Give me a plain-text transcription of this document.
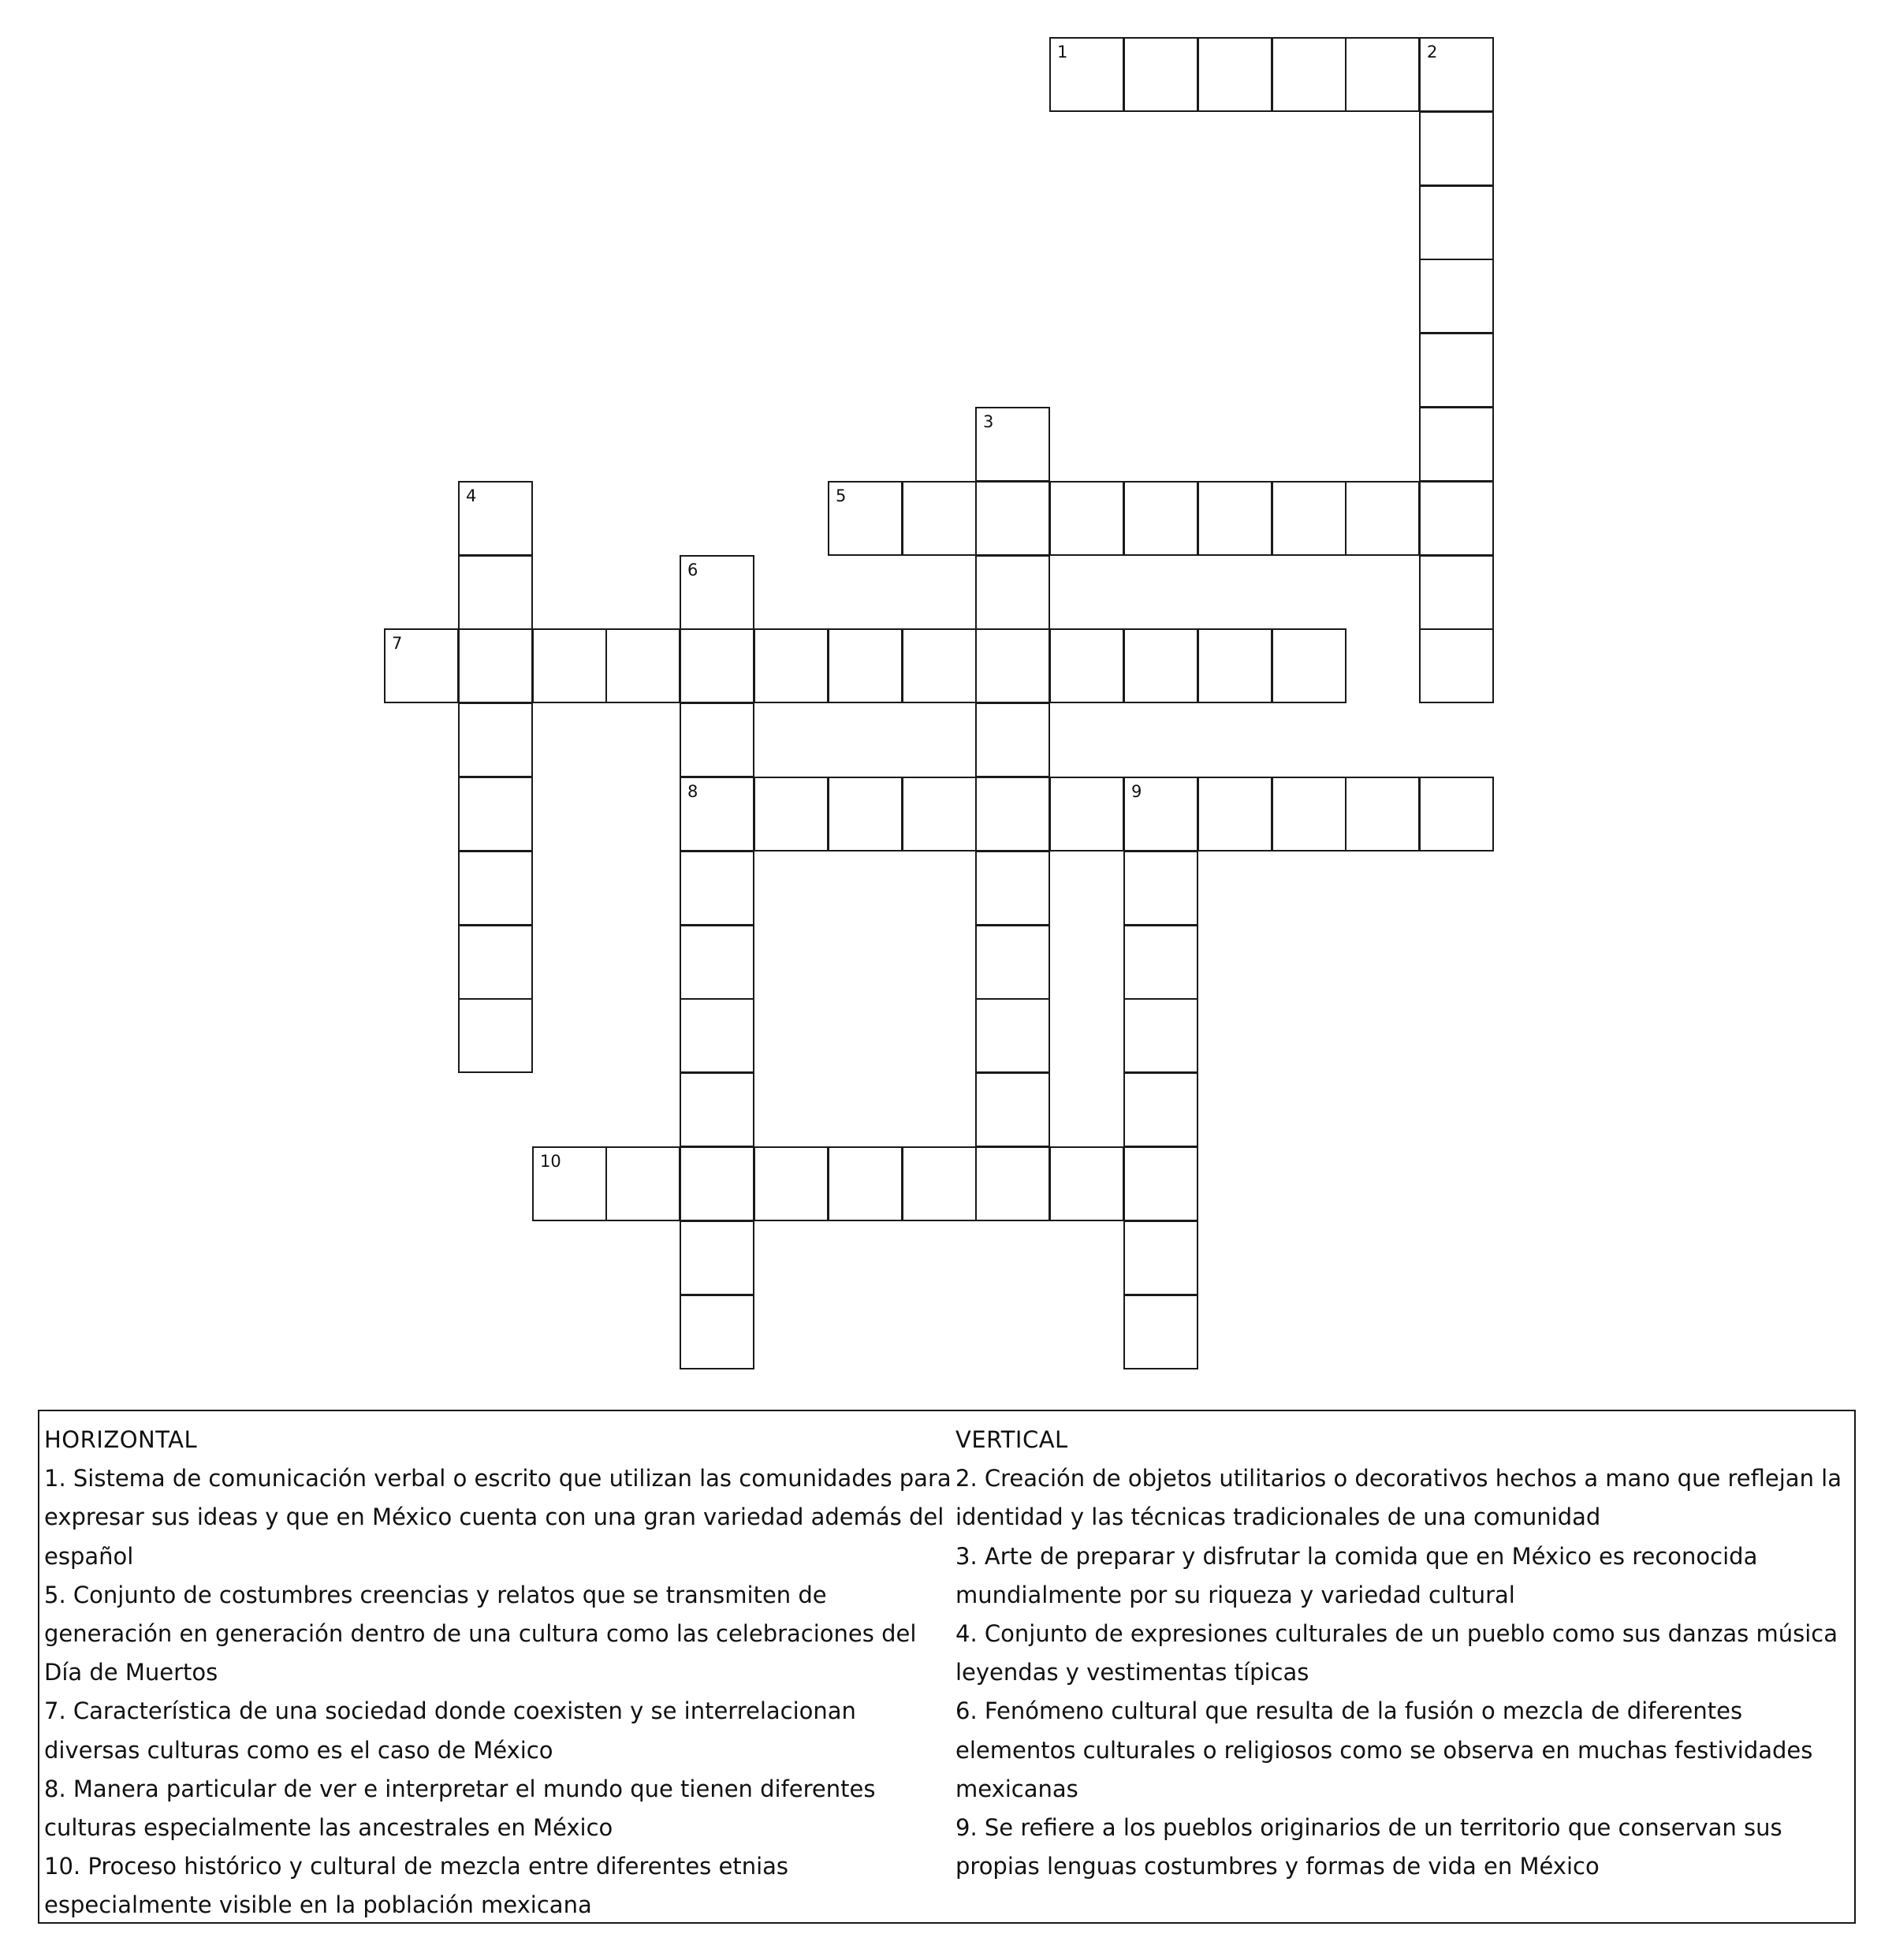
1	2
3
4	5
6
8
7
9
10
HORIZONTAL
1. Sistema de comunicación verbal o escrito que utilizan las comunidades para expresar sus ideas y que en México cuenta con una gran variedad además del español
5. Conjunto de costumbres creencias y relatos que se transmiten de generación en generación dentro de una cultura como las celebraciones del Día de Muertos
7. Característica de una sociedad donde coexisten y se interrelacionan diversas culturas como es el caso de México
8. Manera particular de ver e interpretar el mundo que tienen diferentes culturas especialmente las ancestrales en México
10. Proceso histórico y cultural de mezcla entre diferentes etnias especialmente visible en la población mexicana
VERTICAL
2. Creación de objetos utilitarios o decorativos hechos a mano que reflejan la identidad y las técnicas tradicionales de una comunidad
3. Arte de preparar y disfrutar la comida que en México es reconocida mundialmente por su riqueza y variedad cultural
4. Conjunto de expresiones culturales de un pueblo como sus danzas música leyendas y vestimentas típicas
6. Fenómeno cultural que resulta de la fusión o mezcla de diferentes elementos culturales o religiosos como se observa en muchas festividades mexicanas
9. Se refiere a los pueblos originarios de un territorio que conservan sus propias lenguas costumbres y formas de vida en México
